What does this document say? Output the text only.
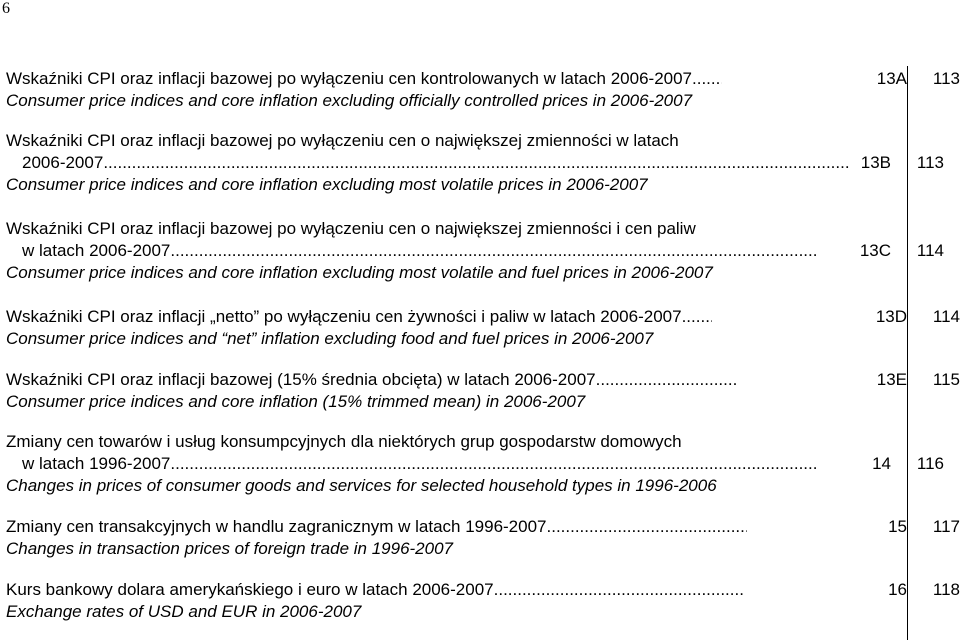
6
Wskaźniki CPI oraz inflacji bazowej po wyłączeniu cen kontrolowanych w latach 2006-2007 .....	13A	113
Consumer price indices and core inflation excluding officially controlled prices in 2006-2007
Wskaźniki CPI oraz inflacji bazowej po wyłączeniu cen o największej zmienności w latach
2006-2007 .....	13B	113
Consumer price indices and core inflation excluding most volatile prices in 2006-2007
Wskaźniki CPI oraz inflacji bazowej po wyłączeniu cen o największej zmienności i cen paliw
w latach 2006-2007 .....	13C	114
Consumer price indices and core inflation excluding most volatile and fuel prices in 2006-2007
Wskaźniki CPI oraz inflacji „netto” po wyłączeniu cen żywności i paliw w latach 2006-2007 .....	13D	114
Consumer price indices and “net” inflation excluding food and fuel prices in 2006-2007
Wskaźniki CPI oraz inflacji bazowej (15% średnia obcięta) w latach 2006-2007 .....	13E	115
Consumer price indices and core inflation (15% trimmed mean) in 2006-2007
Zmiany cen towarów i usług konsumpcyjnych dla niektórych grup gospodarstw domowych
w latach 1996-2007 .....	14	116
Changes in prices of consumer goods and services for selected household types in 1996-2006
Zmiany cen transakcyjnych w handlu zagranicznym w latach 1996-2007 .....	15	117
Changes in transaction prices of foreign trade in 1996-2007
Kurs bankowy dolara amerykańskiego i euro w latach 2006-2007 .....	16	118
Exchange rates of USD and EUR in 2006-2007
